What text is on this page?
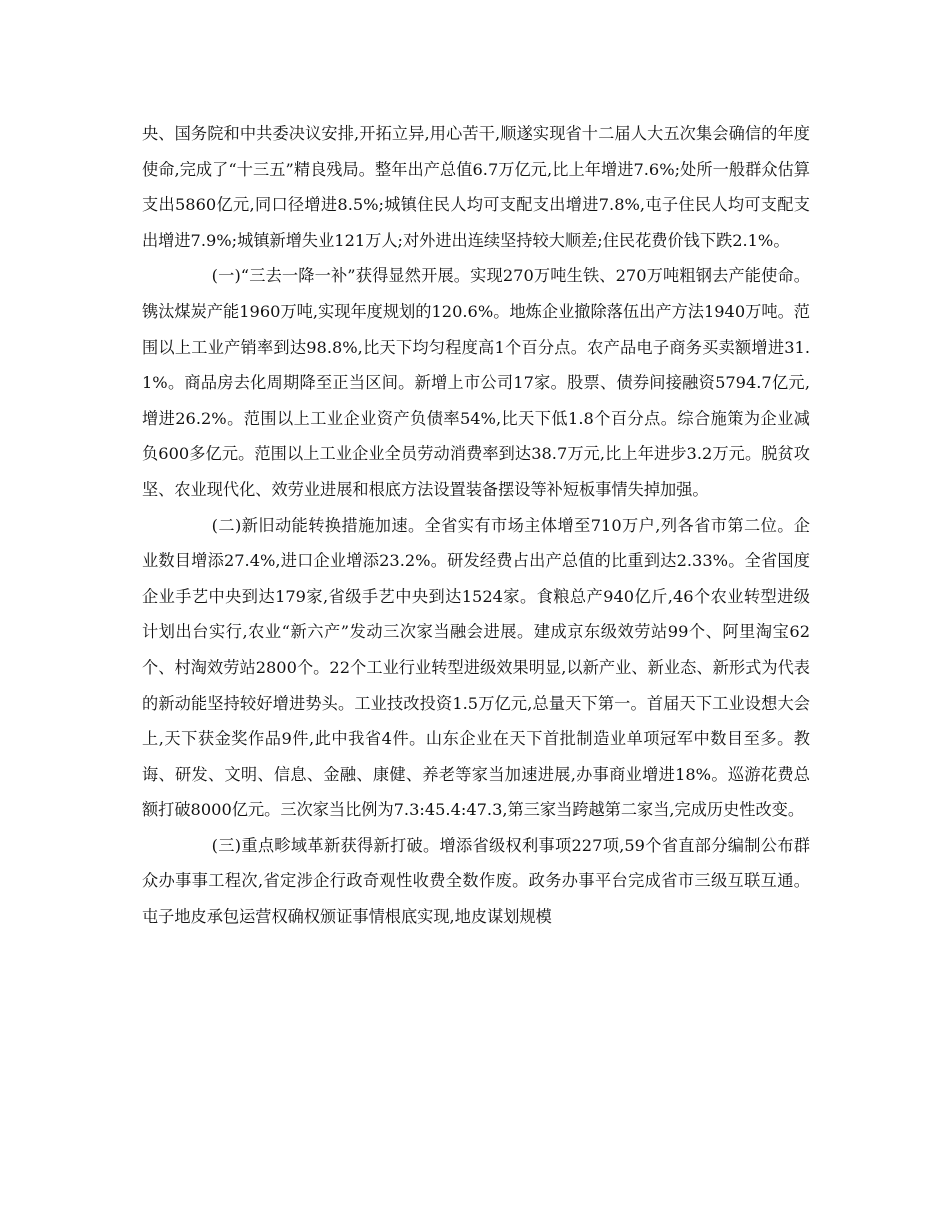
央、国务院和中共委决议安排,开拓立异,用心苦干,顺遂实现省十二届人大五次集会确信的年度使命,完成了“十三五”精良残局。整年出产总值6.7万亿元,比上年增进7.6%;处所一般群众估算支出5860亿元,同口径增进8.5%;城镇住民人均可支配支出增进7.8%,屯子住民人均可支配支出增进7.9%;城镇新增失业121万人;对外进出连续坚持较大顺差;住民花费价钱下跌2.1%。

(一)“三去一降一补”获得显然开展。实现270万吨生铁、270万吨粗钢去产能使命。镌汰煤炭产能1960万吨,实现年度规划的120.6%。地炼企业撤除落伍出产方法1940万吨。范围以上工业产销率到达98.8%,比天下均匀程度高1个百分点。农产品电子商务买卖额增进31.1%。商品房去化周期降至正当区间。新增上市公司17家。股票、债券间接融资5794.7亿元,增进26.2%。范围以上工业企业资产负债率54%,比天下低1.8个百分点。综合施策为企业减负600多亿元。范围以上工业企业全员劳动消费率到达38.7万元,比上年进步3.2万元。脱贫攻坚、农业现代化、效劳业进展和根底方法设置装备摆设等补短板事情失掉加强。

(二)新旧动能转换措施加速。全省实有市场主体增至710万户,列各省市第二位。企业数目增添27.4%,进口企业增添23.2%。研发经费占出产总值的比重到达2.33%。全省国度企业手艺中央到达179家,省级手艺中央到达1524家。食粮总产940亿斤,46个农业转型进级计划出台实行,农业“新六产”发动三次家当融会进展。建成京东级效劳站99个、阿里淘宝62个、村淘效劳站2800个。22个工业行业转型进级效果明显,以新产业、新业态、新形式为代表的新动能坚持较好增进势头。工业技改投资1.5万亿元,总量天下第一。首届天下工业设想大会上,天下获金奖作品9件,此中我省4件。山东企业在天下首批制造业单项冠军中数目至多。教诲、研发、文明、信息、金融、康健、养老等家当加速进展,办事商业增进18%。巡游花费总额打破8000亿元。三次家当比例为7.3:45.4:47.3,第三家当跨越第二家当,完成历史性改变。

(三)重点畛域革新获得新打破。增添省级权利事项227项,59个省直部分编制公布群众办事事工程次,省定涉企行政奇观性收费全数作废。政务办事平台完成省市三级互联互通。屯子地皮承包运营权确权颁证事情根底实现,地皮谋划规模
